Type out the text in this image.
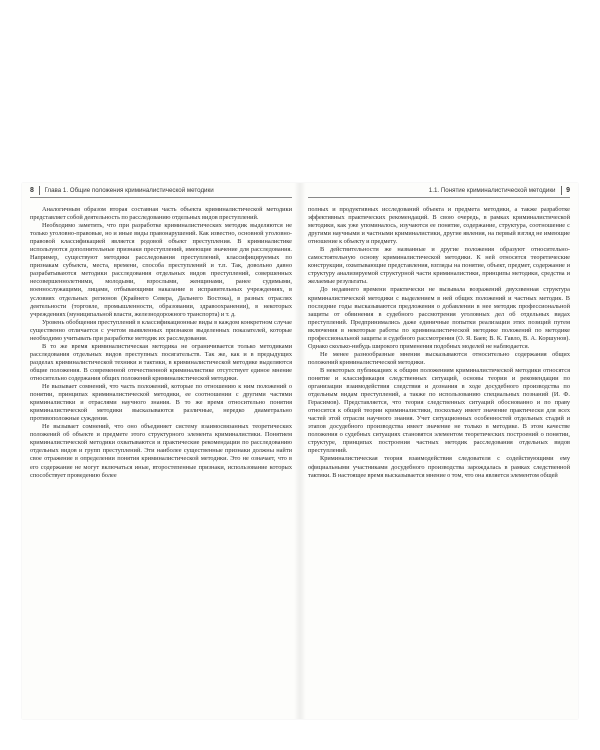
8 Глава 1. Общие положения криминалистической методики

Аналогичным образом вторая составная часть объекта криминалистической методики представляет собой деятельность по расследованию отдельных видов преступлений.

Необходимо заметить, что при разработке криминалистических методик выделяются не только уголовно-правовые, но и иные виды правонарушений. Как известно, основной уголовно-правовой классификацией является родовой объект преступления. В криминалистике используются дополнительные признаки преступлений, имеющие значение для расследования. Например, существуют методики расследования преступлений, классифицируемых по признакам субъекта, места, времени, способа преступлений и т.п. Так, довольно давно разрабатываются методики расследования отдельных видов преступлений, совершенных несовершеннолетними, молодыми, взрослыми, женщинами, ранее судимыми, военнослужащими, лицами, отбывающими наказание в исправительных учреждениях, в условиях отдельных регионов (Крайнего Севера, Дальнего Востока), в разных отраслях деятельности (торговле, промышленности, образовании, здравоохранении), в некоторых учреждениях (муниципальной власти, железнодорожного транспорта) и т. д.

Уровень обобщения преступлений в классификационные виды в каждом конкретном случае существенно отличается с учетом выявленных признаков выделенных показателей, которые необходимо учитывать при разработке методик их расследования.

В то же время криминалистическая методика не ограничивается только методиками расследования отдельных видов преступных посягательств. Так же, как и в предыдущих разделах криминалистической техники и тактики, в криминалистической методике выделяются общие положения. В современной отечественной криминалистике отсутствует единое мнение относительно содержания общих положений криминалистической методики.

Не вызывает сомнений, что часть положений, которые по отношению к ним положений о понятии, принципах криминалистической методики, ее соотношении с другими частями криминалистики и отраслями научного знания. В то же время относительно понятия криминалистической методики высказываются различные, нередко диаметрально противоположные суждения.

Не вызывает сомнений, что оно объединяет систему взаимосвязанных теоретических положений об объекте и предмете этого структурного элемента криминалистики. Понятием криминалистической методики охватываются и практические рекомендации по расследованию отдельных видов и групп преступлений. Эти наиболее существенные признаки должны найти свое отражение в определении понятия криминалистической методики. Это не означает, что в его содержание не могут включаться иные, второстепенные признаки, использование которых способствует проведению более

1.1. Понятие криминалистической методики 9

полных и продуктивных исследований объекта и предмета методики, а также разработке эффективных практических рекомендаций. В свою очередь, в рамках криминалистической методики, как уже упоминалось, изучаются ее понятие, содержание, структура, соотношение с другими научными и частными криминалистики, другие явления, на первый взгляд не имеющие отношение к объекту и предмету.

В действительности же названные и другие положения образуют относительно-самостоятельную основу криминалистической методики. К ней относятся теоретические конструкции, охватывающие представления, взгляды на понятие, объект, предмет, содержание и структуру анализируемой структурной части криминалистики, принципы методики, средства и желаемые результаты.

До недавнего времени практически не вызывала возражений двухзвенная структура криминалистической методики с выделением в ней общих положений и частных методик. В последние годы высказываются предложения о добавлении в нее методик профессиональной защиты от обвинения в судебного рассмотрения уголовных дел об отдельных видах преступлений. Предпринимались даже единичные попытки реализации этих позиций путем включения в некоторые работы по криминалистической методике положений по методике профессиональной защиты и судебного рассмотрения (О. Я. Баев; В. К. Гавло, В. А. Коршунов). Однако сколько-нибудь широкого применения подобных моделей не наблюдается.

Не менее разнообразные мнения высказываются относительно содержания общих положений криминалистической методики.

В некоторых публикациях к общим положениям криминалистической методики относятся понятие и классификация следственных ситуаций, основы теории и рекомендации по организации взаимодействия следствия и дознания в ходе досудебного производства по отдельным видам преступлений, а также по использованию специальных познаний (И. Ф. Герасимов). Представляется, что теория следственных ситуаций обоснованно и по праву относится к общей теории криминалистики, поскольку имеет значение практически для всех частей этой отрасли научного знания. Учет ситуационных особенностей отдельных стадий и этапов досудебного производства имеет значение не только в методике. В этом качестве положения о судебных ситуациях становятся элементом теоретических построений о понятии, структуре, принципах построения частных методик расследования отдельных видов преступлений.

Криминалистическая теория взаимодействия следователя с содействующими ему официальными участниками досудебного производства зарождалась в рамках следственной тактики. В настоящее время высказывается мнение о том, что она является элементом общей
